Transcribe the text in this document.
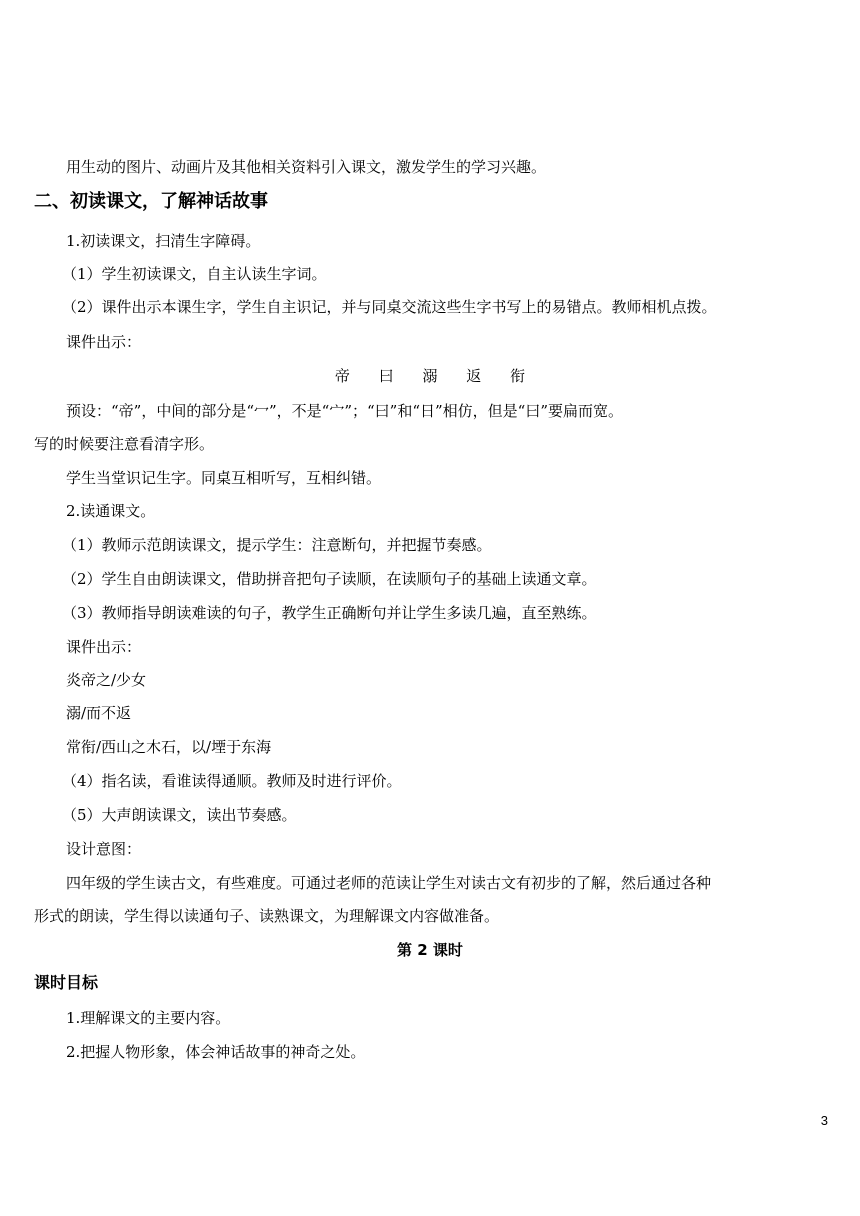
用生动的图片、动画片及其他相关资料引入课文，激发学生的学习兴趣。
二、初读课文，了解神话故事
1.初读课文，扫清生字障碍。
（1）学生初读课文，自主认读生字词。
（2）课件出示本课生字，学生自主识记，并与同桌交流这些生字书写上的易错点。教师相机点拨。
课件出示：
帝 曰 溺 返 衔
预设：“帝”，中间的部分是“冖”，不是“宀”；“曰”和“日”相仿，但是“曰”要扁而宽。
写的时候要注意看清字形。
学生当堂识记生字。同桌互相听写，互相纠错。
2.读通课文。
（1）教师示范朗读课文，提示学生：注意断句，并把握节奏感。
（2）学生自由朗读课文，借助拼音把句子读顺，在读顺句子的基础上读通文章。
（3）教师指导朗读难读的句子，教学生正确断句并让学生多读几遍，直至熟练。
课件出示：
炎帝之/少女
溺/而不返
常衔/西山之木石，以/堙于东海
（4）指名读，看谁读得通顺。教师及时进行评价。
（5）大声朗读课文，读出节奏感。
设计意图：
四年级的学生读古文，有些难度。可通过老师的范读让学生对读古文有初步的了解，然后通过各种
形式的朗读，学生得以读通句子、读熟课文，为理解课文内容做准备。
第 2 课时
课时目标
1.理解课文的主要内容。
2.把握人物形象，体会神话故事的神奇之处。
3
